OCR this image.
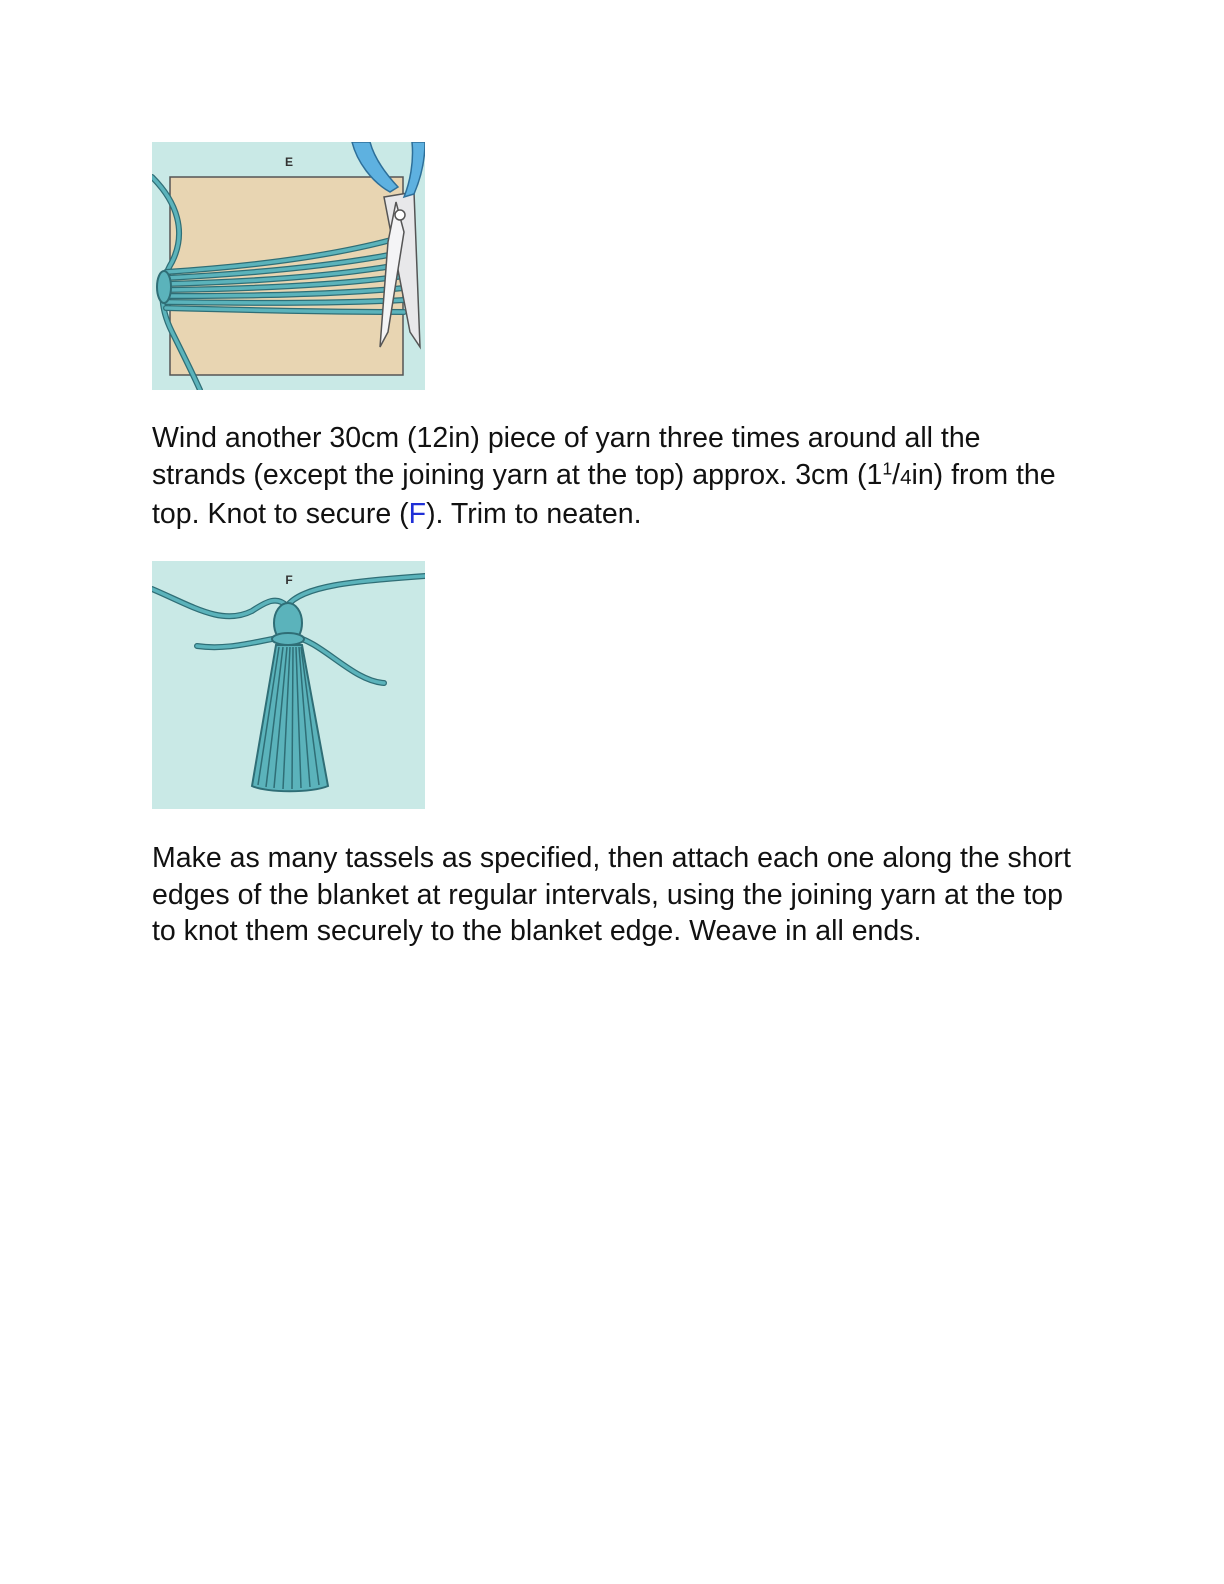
E

Wind another 30cm (12in) piece of yarn three times around all the strands (except the joining yarn at the top) approx. 3cm $(1^1/4in)$ from the top. Knot to secure (F). Trim to neaten.

F

Make as many tassels as specified, then attach each one along the short edges of the blanket at regular intervals, using the joining yarn at the top to knot them securely to the blanket edge. Weave in all ends.
